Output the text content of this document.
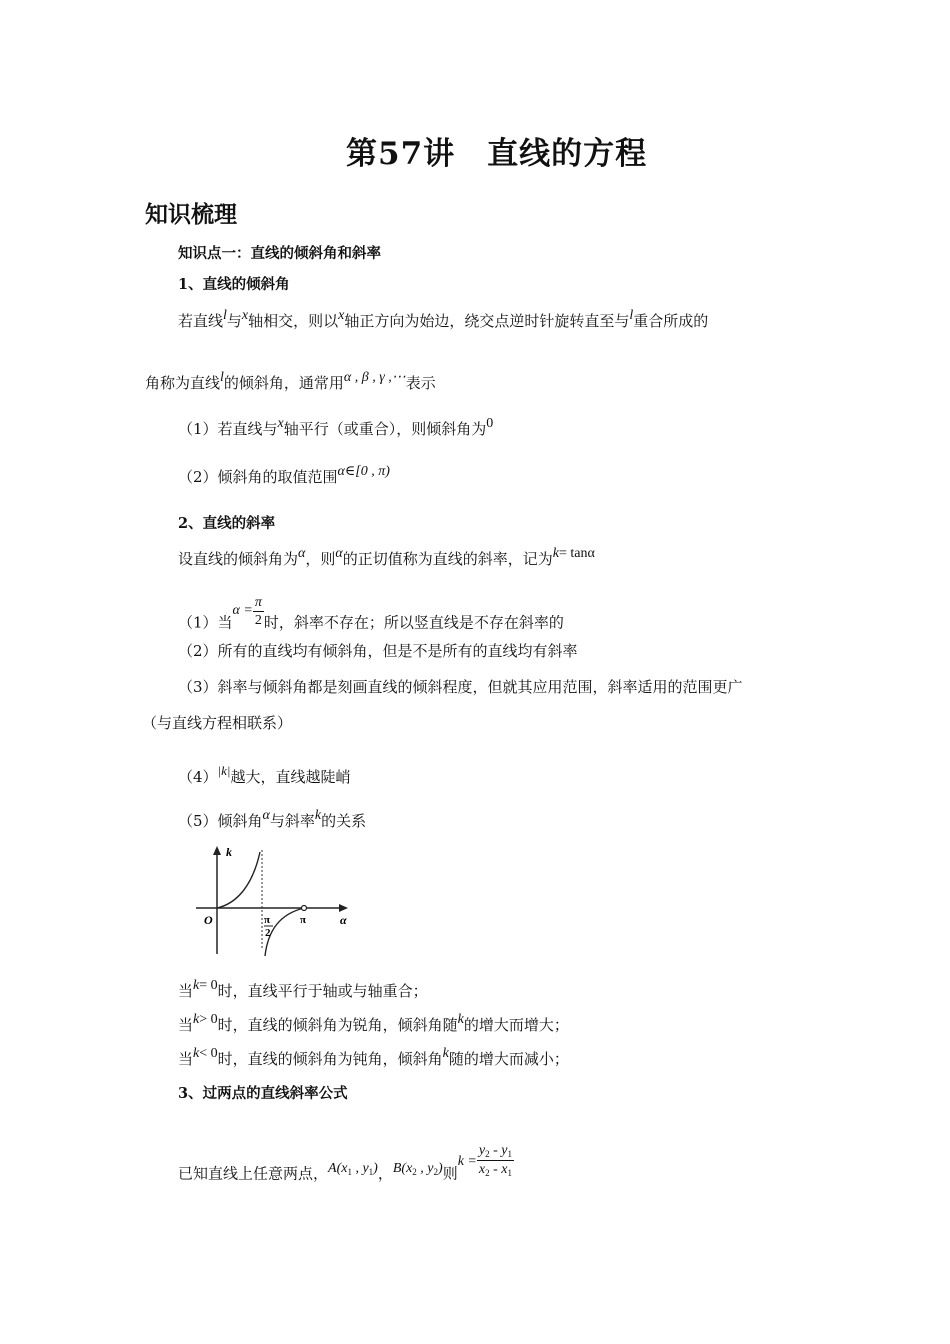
第57讲　直线的方程
知识梳理
知识点一：直线的倾斜角和斜率
1、直线的倾斜角
若直线l与x轴相交，则以x轴正方向为始边，绕交点逆时针旋转直至与l重合所成的
角称为直线l的倾斜角，通常用α , β , γ ,⋯表示
（1）若直线与x轴平行（或重合），则倾斜角为0
（2）倾斜角的取值范围α∈[0 , π)
2、直线的斜率
设直线的倾斜角为α，则α的正切值称为直线的斜率，记为k= tanα
（1）当$\alpha = \frac{\pi}{2}$ 时，斜率不存在；所以竖直线是不存在斜率的
（2）所有的直线均有倾斜角，但是不是所有的直线均有斜率
（3）斜率与倾斜角都是刻画直线的倾斜程度，但就其应用范围，斜率适用的范围更广
（与直线方程相联系）
（4）|k|越大，直线越陡峭
（5）倾斜角α与斜率k的关系
k
O	π
2
π	α
当k= 0时，直线平行于轴或与轴重合；
当k> 0时，直线的倾斜角为锐角，倾斜角随k的增大而增大；
当k< 0时，直线的倾斜角为钝角，倾斜角k随的增大而减小；
3、过两点的直线斜率公式
已知直线上任意两点，$A(x_1$ , $y_1$)，$B(x_2$ , $y_2$)则$k = \frac{y_2 - y_1}{x_2 - x_1}$
